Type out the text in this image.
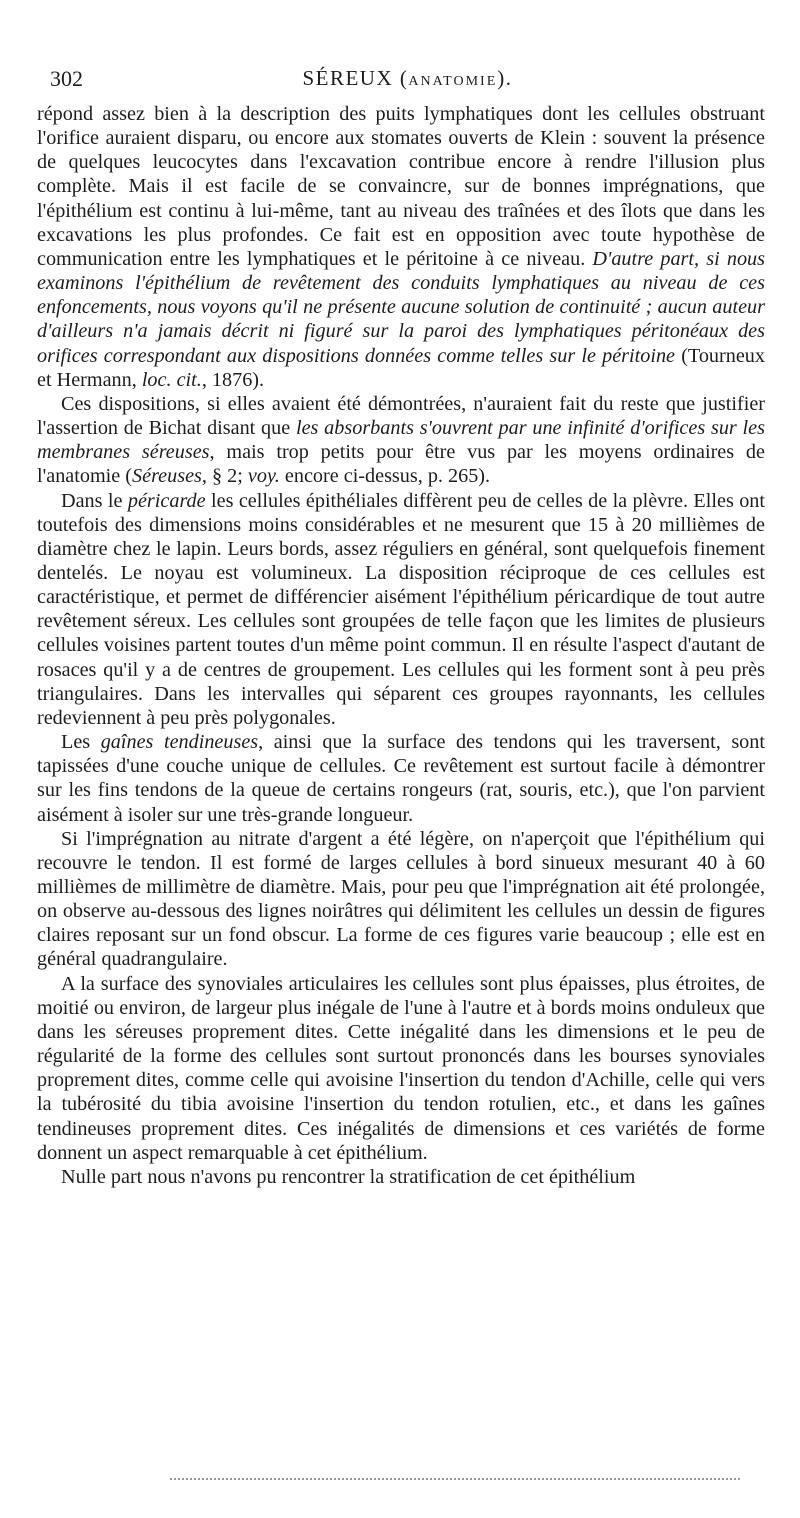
302	SÉREUX (ANATOMIE).

répond assez bien à la description des puits lymphatiques dont les cellules obstruant l'orifice auraient disparu, ou encore aux stomates ouverts de Klein : souvent la présence de quelques leucocytes dans l'excavation contribue encore à rendre l'illusion plus complète. Mais il est facile de se convaincre, sur de bonnes imprégnations, que l'épithélium est continu à lui-même, tant au niveau des traînées et des îlots que dans les excavations les plus profondes. Ce fait est en opposition avec toute hypothèse de communication entre les lymphatiques et le péritoine à ce niveau. D'autre part, si nous examinons l'épithélium de revêtement des conduits lymphatiques au niveau de ces enfoncements, nous voyons qu'il ne présente aucune solution de continuité ; aucun auteur d'ailleurs n'a jamais décrit ni figuré sur la paroi des lymphatiques péritonéaux des orifices correspondant aux dispositions données comme telles sur le péritoine (Tourneux et Hermann, loc. cit., 1876).

Ces dispositions, si elles avaient été démontrées, n'auraient fait du reste que justifier l'assertion de Bichat disant que les absorbants s'ouvrent par une infinité d'orifices sur les membranes séreuses, mais trop petits pour être vus par les moyens ordinaires de l'anatomie (Séreuses, § 2; voy. encore ci-dessus, p. 265).

Dans le péricarde les cellules épithéliales diffèrent peu de celles de la plèvre. Elles ont toutefois des dimensions moins considérables et ne mesurent que 15 à 20 millièmes de diamètre chez le lapin. Leurs bords, assez réguliers en général, sont quelquefois finement dentelés. Le noyau est volumineux. La disposition réciproque de ces cellules est caractéristique, et permet de différencier aisément l'épithélium péricardique de tout autre revêtement séreux. Les cellules sont groupées de telle façon que les limites de plusieurs cellules voisines partent toutes d'un même point commun. Il en résulte l'aspect d'autant de rosaces qu'il y a de centres de groupement. Les cellules qui les forment sont à peu près triangulaires. Dans les intervalles qui séparent ces groupes rayonnants, les cellules redeviennent à peu près polygonales.

Les gaînes tendineuses, ainsi que la surface des tendons qui les traversent, sont tapissées d'une couche unique de cellules. Ce revêtement est surtout facile à démontrer sur les fins tendons de la queue de certains rongeurs (rat, souris, etc.), que l'on parvient aisément à isoler sur une très-grande longueur.

Si l'imprégnation au nitrate d'argent a été légère, on n'aperçoit que l'épithélium qui recouvre le tendon. Il est formé de larges cellules à bord sinueux mesurant 40 à 60 millièmes de millimètre de diamètre. Mais, pour peu que l'imprégnation ait été prolongée, on observe au-dessous des lignes noirâtres qui délimitent les cellules un dessin de figures claires reposant sur un fond obscur. La forme de ces figures varie beaucoup ; elle est en général quadrangulaire.

A la surface des synoviales articulaires les cellules sont plus épaisses, plus étroites, de moitié ou environ, de largeur plus inégale de l'une à l'autre et à bords moins onduleux que dans les séreuses proprement dites. Cette inégalité dans les dimensions et le peu de régularité de la forme des cellules sont surtout prononcés dans les bourses synoviales proprement dites, comme celle qui avoisine l'insertion du tendon d'Achille, celle qui vers la tubérosité du tibia avoisine l'insertion du tendon rotulien, etc., et dans les gaînes tendineuses proprement dites. Ces inégalités de dimensions et ces variétés de forme donnent un aspect remarquable à cet épithélium.

Nulle part nous n'avons pu rencontrer la stratification de cet épithélium
